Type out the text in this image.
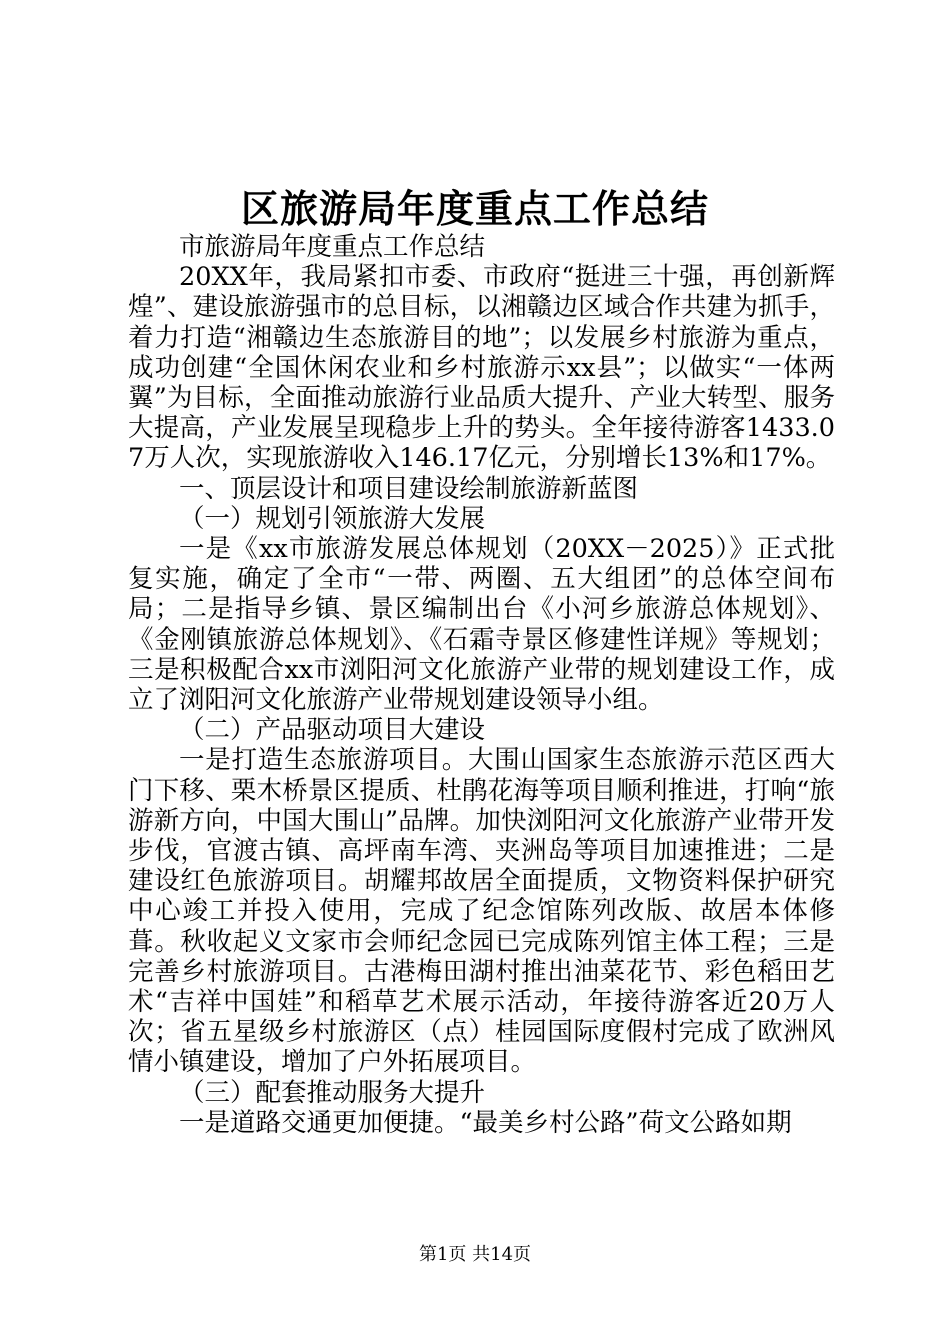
区旅游局年度重点工作总结

市旅游局年度重点工作总结

20XX年，我局紧扣市委、市政府“挺进三十强，再创新辉煌”、建设旅游强市的总目标，以湘赣边区域合作共建为抓手，着力打造“湘赣边生态旅游目的地”；以发展乡村旅游为重点，成功创建“全国休闲农业和乡村旅游示xx县”；以做实“一体两翼”为目标，全面推动旅游行业品质大提升、产业大转型、服务大提高，产业发展呈现稳步上升的势头。全年接待游客1433.07万人次，实现旅游收入146.17亿元，分别增长13%和17%。

一、顶层设计和项目建设绘制旅游新蓝图

（一）规划引领旅游大发展

一是《xx市旅游发展总体规划（20XX－2025）》正式批复实施，确定了全市“一带、两圈、五大组团”的总体空间布局；二是指导乡镇、景区编制出台《小河乡旅游总体规划》、《金刚镇旅游总体规划》、《石霜寺景区修建性详规》等规划；三是积极配合xx市浏阳河文化旅游产业带的规划建设工作，成立了浏阳河文化旅游产业带规划建设领导小组。

（二）产品驱动项目大建设

一是打造生态旅游项目。大围山国家生态旅游示范区西大门下移、栗木桥景区提质、杜鹃花海等项目顺利推进，打响“旅游新方向，中国大围山”品牌。加快浏阳河文化旅游产业带开发步伐，官渡古镇、高坪南车湾、夹洲岛等项目加速推进；二是建设红色旅游项目。胡耀邦故居全面提质，文物资料保护研究中心竣工并投入使用，完成了纪念馆陈列改版、故居本体修葺。秋收起义文家市会师纪念园已完成陈列馆主体工程；三是完善乡村旅游项目。古港梅田湖村推出油菜花节、彩色稻田艺术“吉祥中国娃”和稻草艺术展示活动，年接待游客近20万人次；省五星级乡村旅游区（点）桂园国际度假村完成了欧洲风情小镇建设，增加了户外拓展项目。

（三）配套推动服务大提升

一是道路交通更加便捷。“最美乡村公路”荷文公路如期

第1页 共14页
